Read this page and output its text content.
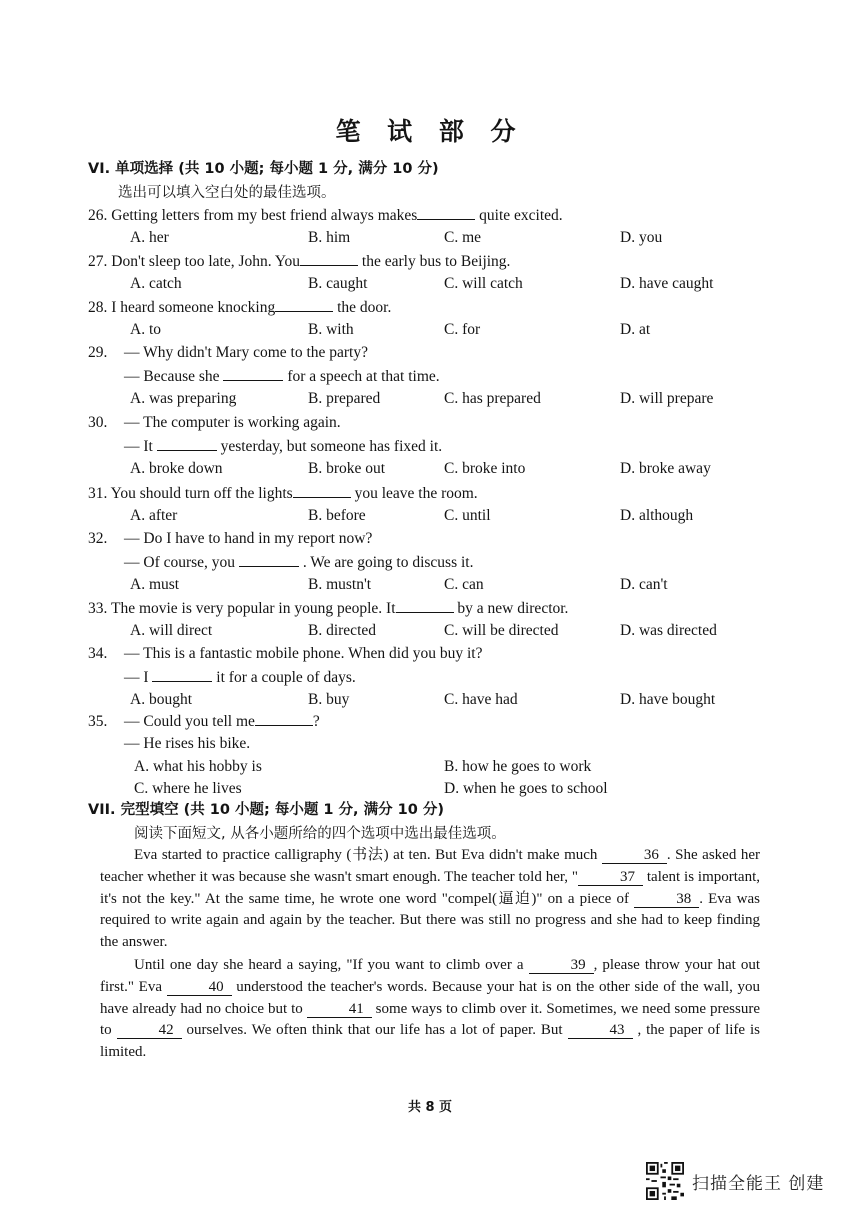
笔 试 部 分
VI. 单项选择 (共 10 小题; 每小题 1 分, 满分 10 分)
选出可以填入空白处的最佳选项。
26. Getting letters from my best friend always makes	quite excited.
A. her	B. him	C. me	D. you
27. Don't sleep too late, John. You	the early bus to Beijing.
A. catch	B. caught	C. will catch	D. have caught
28. I heard someone knocking	the door.
A. to	B. with	C. for	D. at
29. — Why didn't Mary come to the party?
— Because she	for a speech at that time.
A. was preparing	B. prepared	C. has prepared	D. will prepare
30. — The computer is working again.
— It	yesterday, but someone has fixed it.
A. broke down	B. broke out	C. broke into	D. broke away
31. You should turn off the lights	you leave the room.
A. after	B. before	C. until	D. although
32. — Do I have to hand in my report now?
— Of course, you	. We are going to discuss it.
A. must	B. mustn't	C. can	D. can't
33. The movie is very popular in young people. It	by a new director.
A. will direct	B. directed	C. will be directed	D. was directed
34. — This is a fantastic mobile phone. When did you buy it?
— I	it for a couple of days.
A. bought	B. buy	C. have had	D. have bought
35. — Could you tell me	?
— He rises his bike.
A. what his hobby is	B. how he goes to work
C. where he lives	D. when he goes to school
VII. 完型填空 (共 10 小题; 每小题 1 分, 满分 10 分)
阅读下面短文, 从各小题所给的四个选项中选出最佳选项。
Eva started to practice calligraphy (书法) at ten. But Eva didn't make much	36 . She asked her teacher whether it was because she wasn't smart enough. The teacher told her, "	37 talent is important, it's not the key." At the same time, he wrote one word "compel(逼迫)" on a piece of	38 . Eva was required to write again and again by the teacher. But there was still no progress and she had to keep finding the answer.
Until one day she heard a saying, "If you want to climb over a	39 , please throw your hat out first." Eva	40 understood the teacher's words. Because your hat is on the other side of the wall, you have already had no choice but to	41 some ways to climb over it. Sometimes, we need some pressure to	42 ourselves. We often think that our life has a lot of paper. But	43 , the paper of life is limited.
共 8 页
扫描全能王 创建
